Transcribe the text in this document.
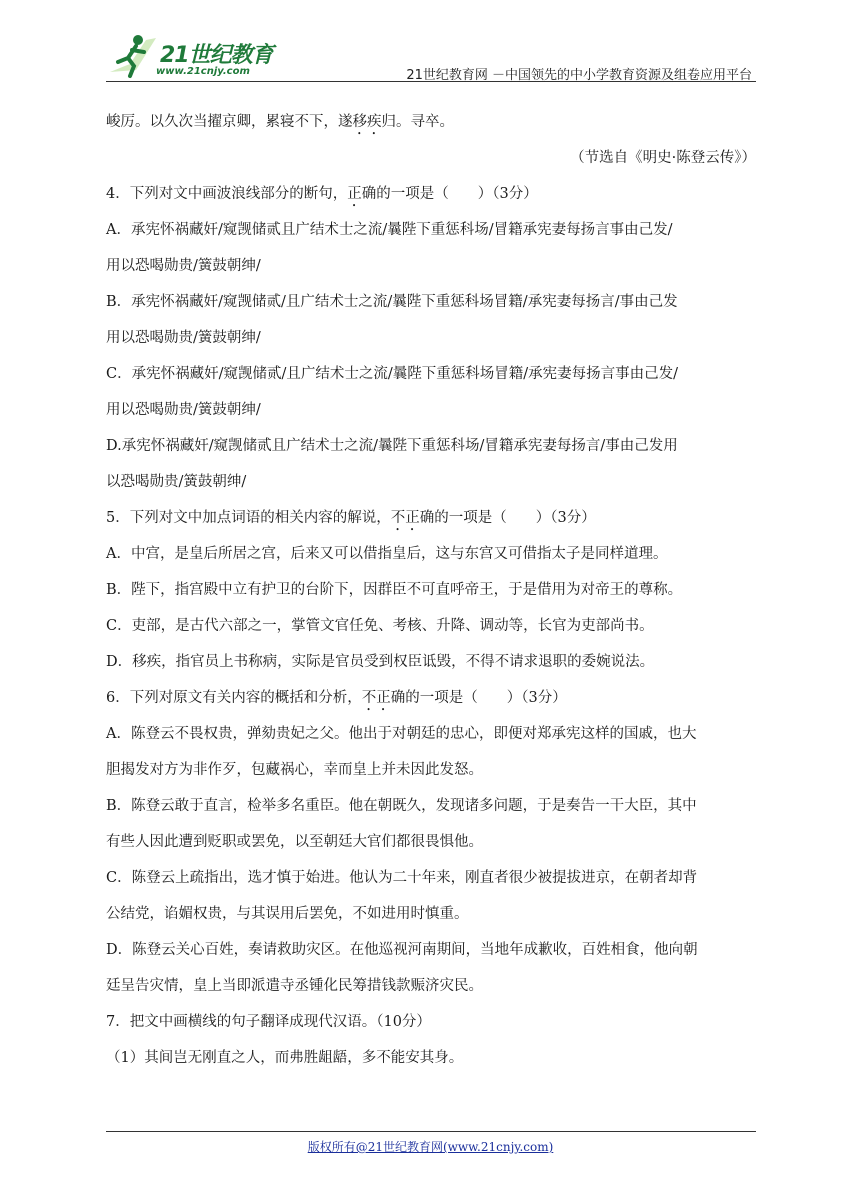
21世纪教育
www.21cnjy.com	21世纪教育网 －中国领先的中小学教育资源及组卷应用平台

峻厉。以久次当擢京卿，累寝不下，遂移疾归。寻卒。

（节选自《明史·陈登云传》）

4．下列对文中画波浪线部分的断句，正确的一项是（　　）（3分）

A．承宪怀祸藏奸/窥觊储贰且广结术士之流/曩陛下重惩科场/冒籍承宪妻每扬言事由己发/

用以恐喝勋贵/簧鼓朝绅/

B．承宪怀祸藏奸/窥觊储贰/且广结术士之流/曩陛下重惩科场冒籍/承宪妻每扬言/事由己发

用以恐喝勋贵/簧鼓朝绅/

C．承宪怀祸藏奸/窥觊储贰/且广结术士之流/曩陛下重惩科场冒籍/承宪妻每扬言事由己发/

用以恐喝勋贵/簧鼓朝绅/

D.承宪怀祸藏奸/窥觊储贰且广结术士之流/曩陛下重惩科场/冒籍承宪妻每扬言/事由己发用

以恐喝勋贵/簧鼓朝绅/

5．下列对文中加点词语的相关内容的解说，不正确的一项是（　　）（3分）

A．中宫，是皇后所居之宫，后来又可以借指皇后，这与东宫又可借指太子是同样道理。

B．陛下，指宫殿中立有护卫的台阶下，因群臣不可直呼帝王，于是借用为对帝王的尊称。

C．吏部，是古代六部之一，掌管文官任免、考核、升降、调动等，长官为吏部尚书。

D．移疾，指官员上书称病，实际是官员受到权臣诋毁，不得不请求退职的委婉说法。

6．下列对原文有关内容的概括和分析，不正确的一项是（　　）（3分）

A．陈登云不畏权贵，弹劾贵妃之父。他出于对朝廷的忠心，即便对郑承宪这样的国戚，也大

胆揭发对方为非作歹，包藏祸心，幸而皇上并未因此发怒。

B．陈登云敢于直言，检举多名重臣。他在朝既久，发现诸多问题，于是奏告一干大臣，其中

有些人因此遭到贬职或罢免，以至朝廷大官们都很畏惧他。

C．陈登云上疏指出，选才慎于始进。他认为二十年来，刚直者很少被提拔进京，在朝者却背

公结党，谄媚权贵，与其误用后罢免，不如进用时慎重。

D．陈登云关心百姓，奏请救助灾区。在他巡视河南期间，当地年成歉收，百姓相食，他向朝

廷呈告灾情，皇上当即派遣寺丞锺化民筹措钱款赈济灾民。

7．把文中画横线的句子翻译成现代汉语。（10分）

（1）其间岂无刚直之人，而弗胜龃龉，多不能安其身。

版权所有@21世纪教育网(www.21cnjy.com)
